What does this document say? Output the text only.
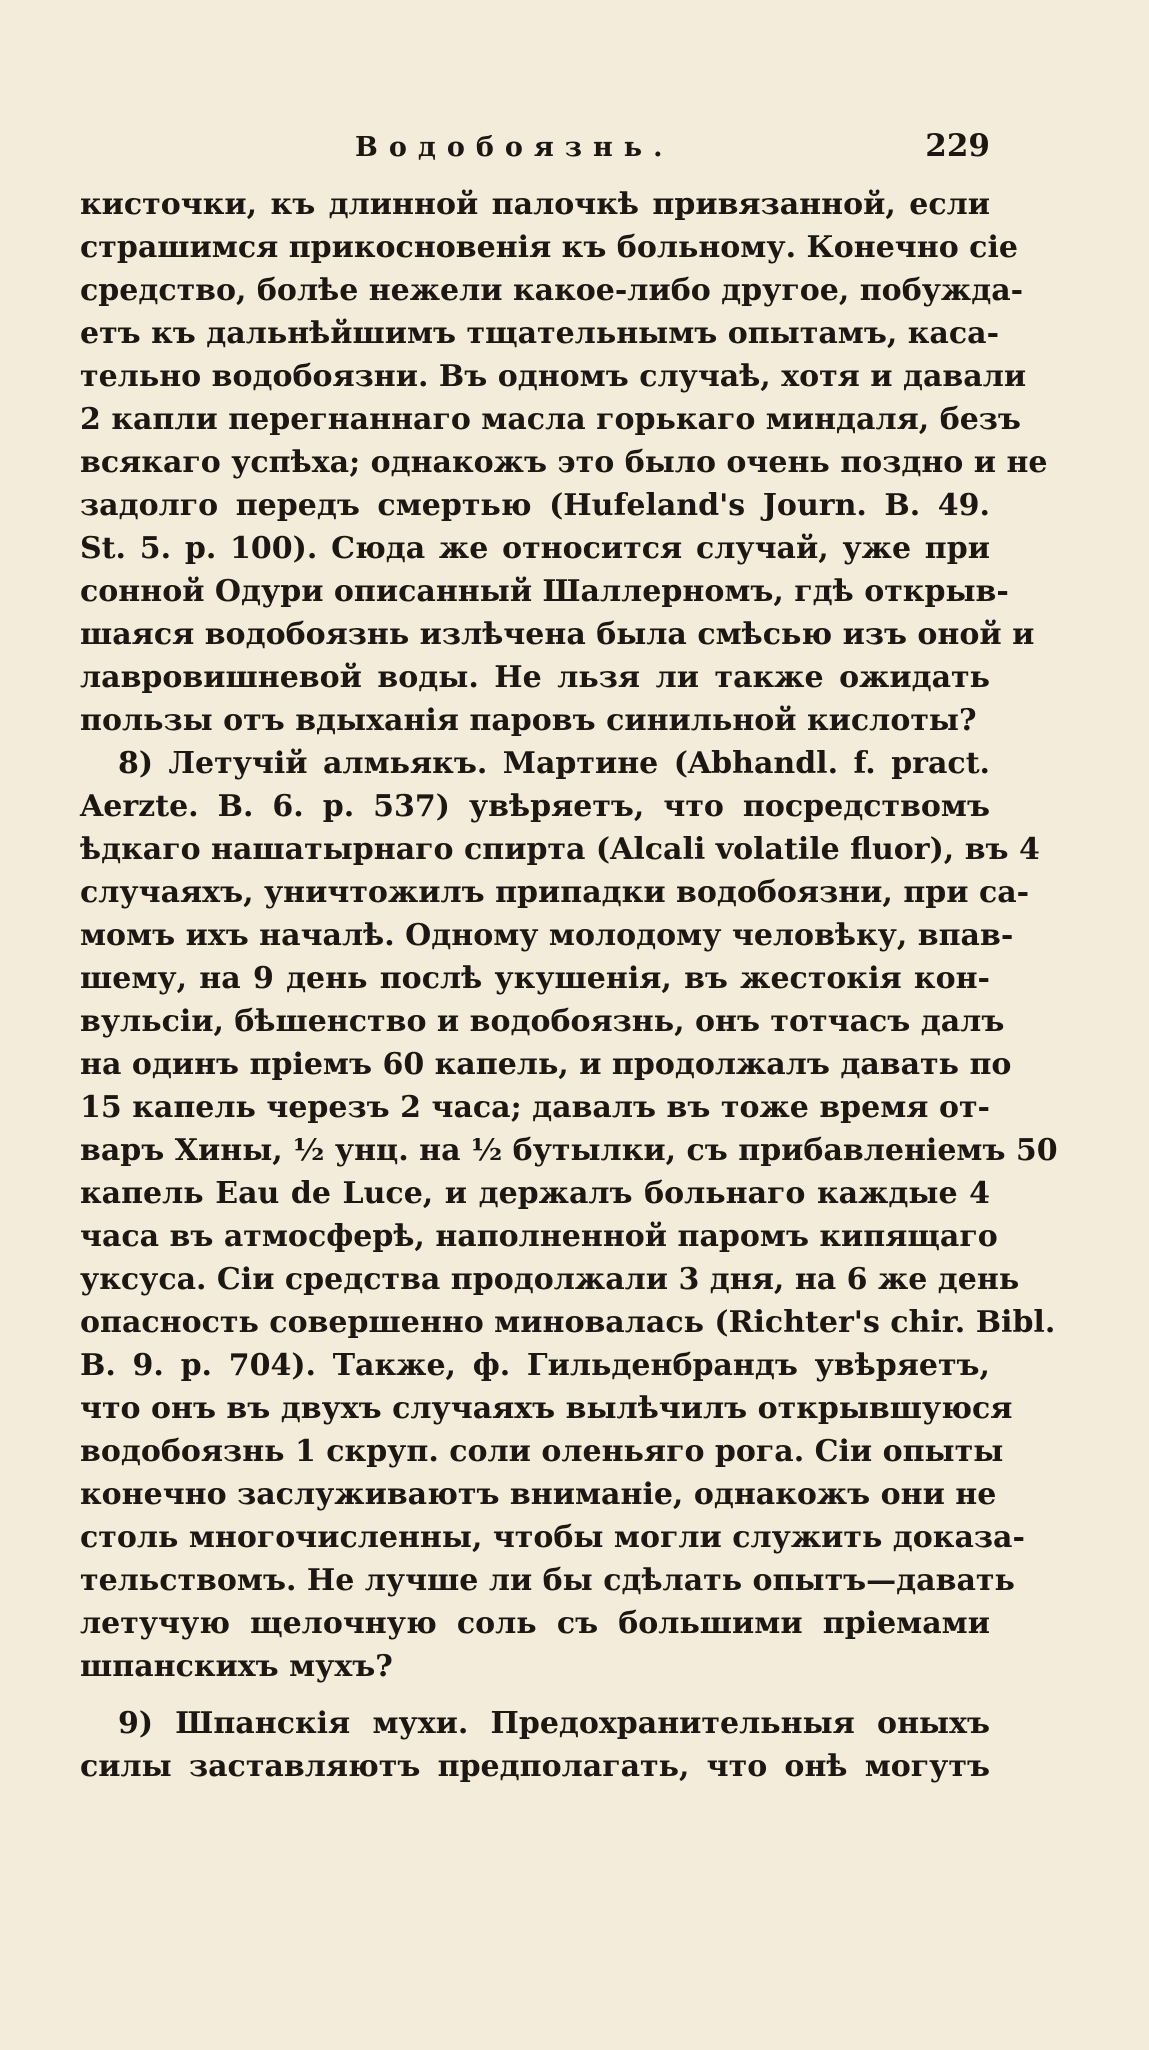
Водобоязнь.	229
кисточки, къ длинной палочкѣ привязанной, если
страшимся прикосновенія къ больному. Конечно сіе
средство, болѣе нежели какое-либо другое, побужда-
етъ къ дальнѣйшимъ тщательнымъ опытамъ, каса-
тельно водобоязни. Въ одномъ случаѣ, хотя и давали
2 капли перегнаннаго масла горькаго миндаля, безъ
всякаго успѣха; однакожъ это было очень поздно и не
задолго передъ смертью (Hufeland's Journ. B. 49.
St. 5. p. 100). Сюда же относится случай, уже при
сонной Одури описанный Шаллерномъ, гдѣ открыв-
шаяся водобоязнь излѣчена была смѣсью изъ оной и
лавровишневой воды. Не льзя ли также ожидать
пользы отъ вдыханія паровъ синильной кислоты?
8) Летучій алмьякъ. Мартине (Abhandl. f. pract.
Aerzte. B. 6. p. 537) увѣряетъ, что посредствомъ
ѣдкаго нашатырнаго спирта (Alcali volatile fluor), въ 4
случаяхъ, уничтожилъ припадки водобоязни, при са-
момъ ихъ началѣ. Одному молодому человѣку, впав-
шему, на 9 день послѣ укушенія, въ жестокія кон-
вульсіи, бѣшенство и водобоязнь, онъ тотчасъ далъ
на одинъ пріемъ 60 капель, и продолжалъ давать по
15 капель черезъ 2 часа; давалъ въ тоже время от-
варъ Хины, ½ унц. на ½ бутылки, съ прибавленіемъ 50
капель Eau de Luce, и держалъ больнаго каждые 4
часа въ атмосферѣ, наполненной паромъ кипящаго
уксуса. Сіи средства продолжали 3 дня, на 6 же день
опасность совершенно миновалась (Richter's chir. Bibl.
B. 9. p. 704). Также, ф. Гильденбрандъ увѣряетъ,
что онъ въ двухъ случаяхъ вылѣчилъ открывшуюся
водобоязнь 1 скруп. соли оленьяго рога. Сіи опыты
конечно заслуживаютъ вниманіе, однакожъ они не
столь многочисленны, чтобы могли служить доказа-
тельствомъ. Не лучше ли бы сдѣлать опытъ—давать
летучую щелочную соль съ большими пріемами
шпанскихъ мухъ?
9) Шпанскія мухи. Предохранительныя оныхъ
силы заставляютъ предполагать, что онѣ могутъ
